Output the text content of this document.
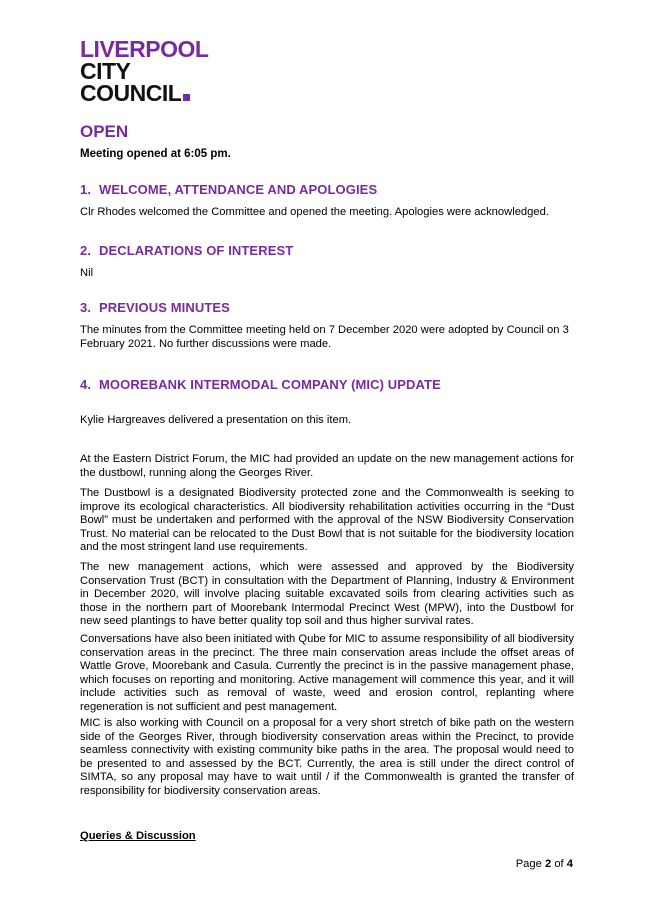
LIVERPOOL
CITY
COUNCIL
OPEN

Meeting opened at 6:05 pm.

1. WELCOME, ATTENDANCE AND APOLOGIES

Clr Rhodes welcomed the Committee and opened the meeting. Apologies were acknowledged.

2. DECLARATIONS OF INTEREST

Nil

3. PREVIOUS MINUTES

The minutes from the Committee meeting held on 7 December 2020 were adopted by Council on 3 February 2021. No further discussions were made.

4. MOOREBANK INTERMODAL COMPANY (MIC) UPDATE

Kylie Hargreaves delivered a presentation on this item.

At the Eastern District Forum, the MIC had provided an update on the new management actions for the dustbowl, running along the Georges River.

The Dustbowl is a designated Biodiversity protected zone and the Commonwealth is seeking to improve its ecological characteristics. All biodiversity rehabilitation activities occurring in the “Dust Bowl” must be undertaken and performed with the approval of the NSW Biodiversity Conservation Trust. No material can be relocated to the Dust Bowl that is not suitable for the biodiversity location and the most stringent land use requirements.

The new management actions, which were assessed and approved by the Biodiversity Conservation Trust (BCT) in consultation with the Department of Planning, Industry & Environment in December 2020, will involve placing suitable excavated soils from clearing activities such as those in the northern part of Moorebank Intermodal Precinct West (MPW), into the Dustbowl for new seed plantings to have better quality top soil and thus higher survival rates.

Conversations have also been initiated with Qube for MIC to assume responsibility of all biodiversity conservation areas in the precinct. The three main conservation areas include the offset areas of Wattle Grove, Moorebank and Casula. Currently the precinct is in the passive management phase, which focuses on reporting and monitoring. Active management will commence this year, and it will include activities such as removal of waste, weed and erosion control, replanting where regeneration is not sufficient and pest management.

MIC is also working with Council on a proposal for a very short stretch of bike path on the western side of the Georges River, through biodiversity conservation areas within the Precinct, to provide seamless connectivity with existing community bike paths in the area. The proposal would need to be presented to and assessed by the BCT. Currently, the area is still under the direct control of SIMTA, so any proposal may have to wait until / if the Commonwealth is granted the transfer of responsibility for biodiversity conservation areas.

Queries & Discussion

Page 2 of 4
